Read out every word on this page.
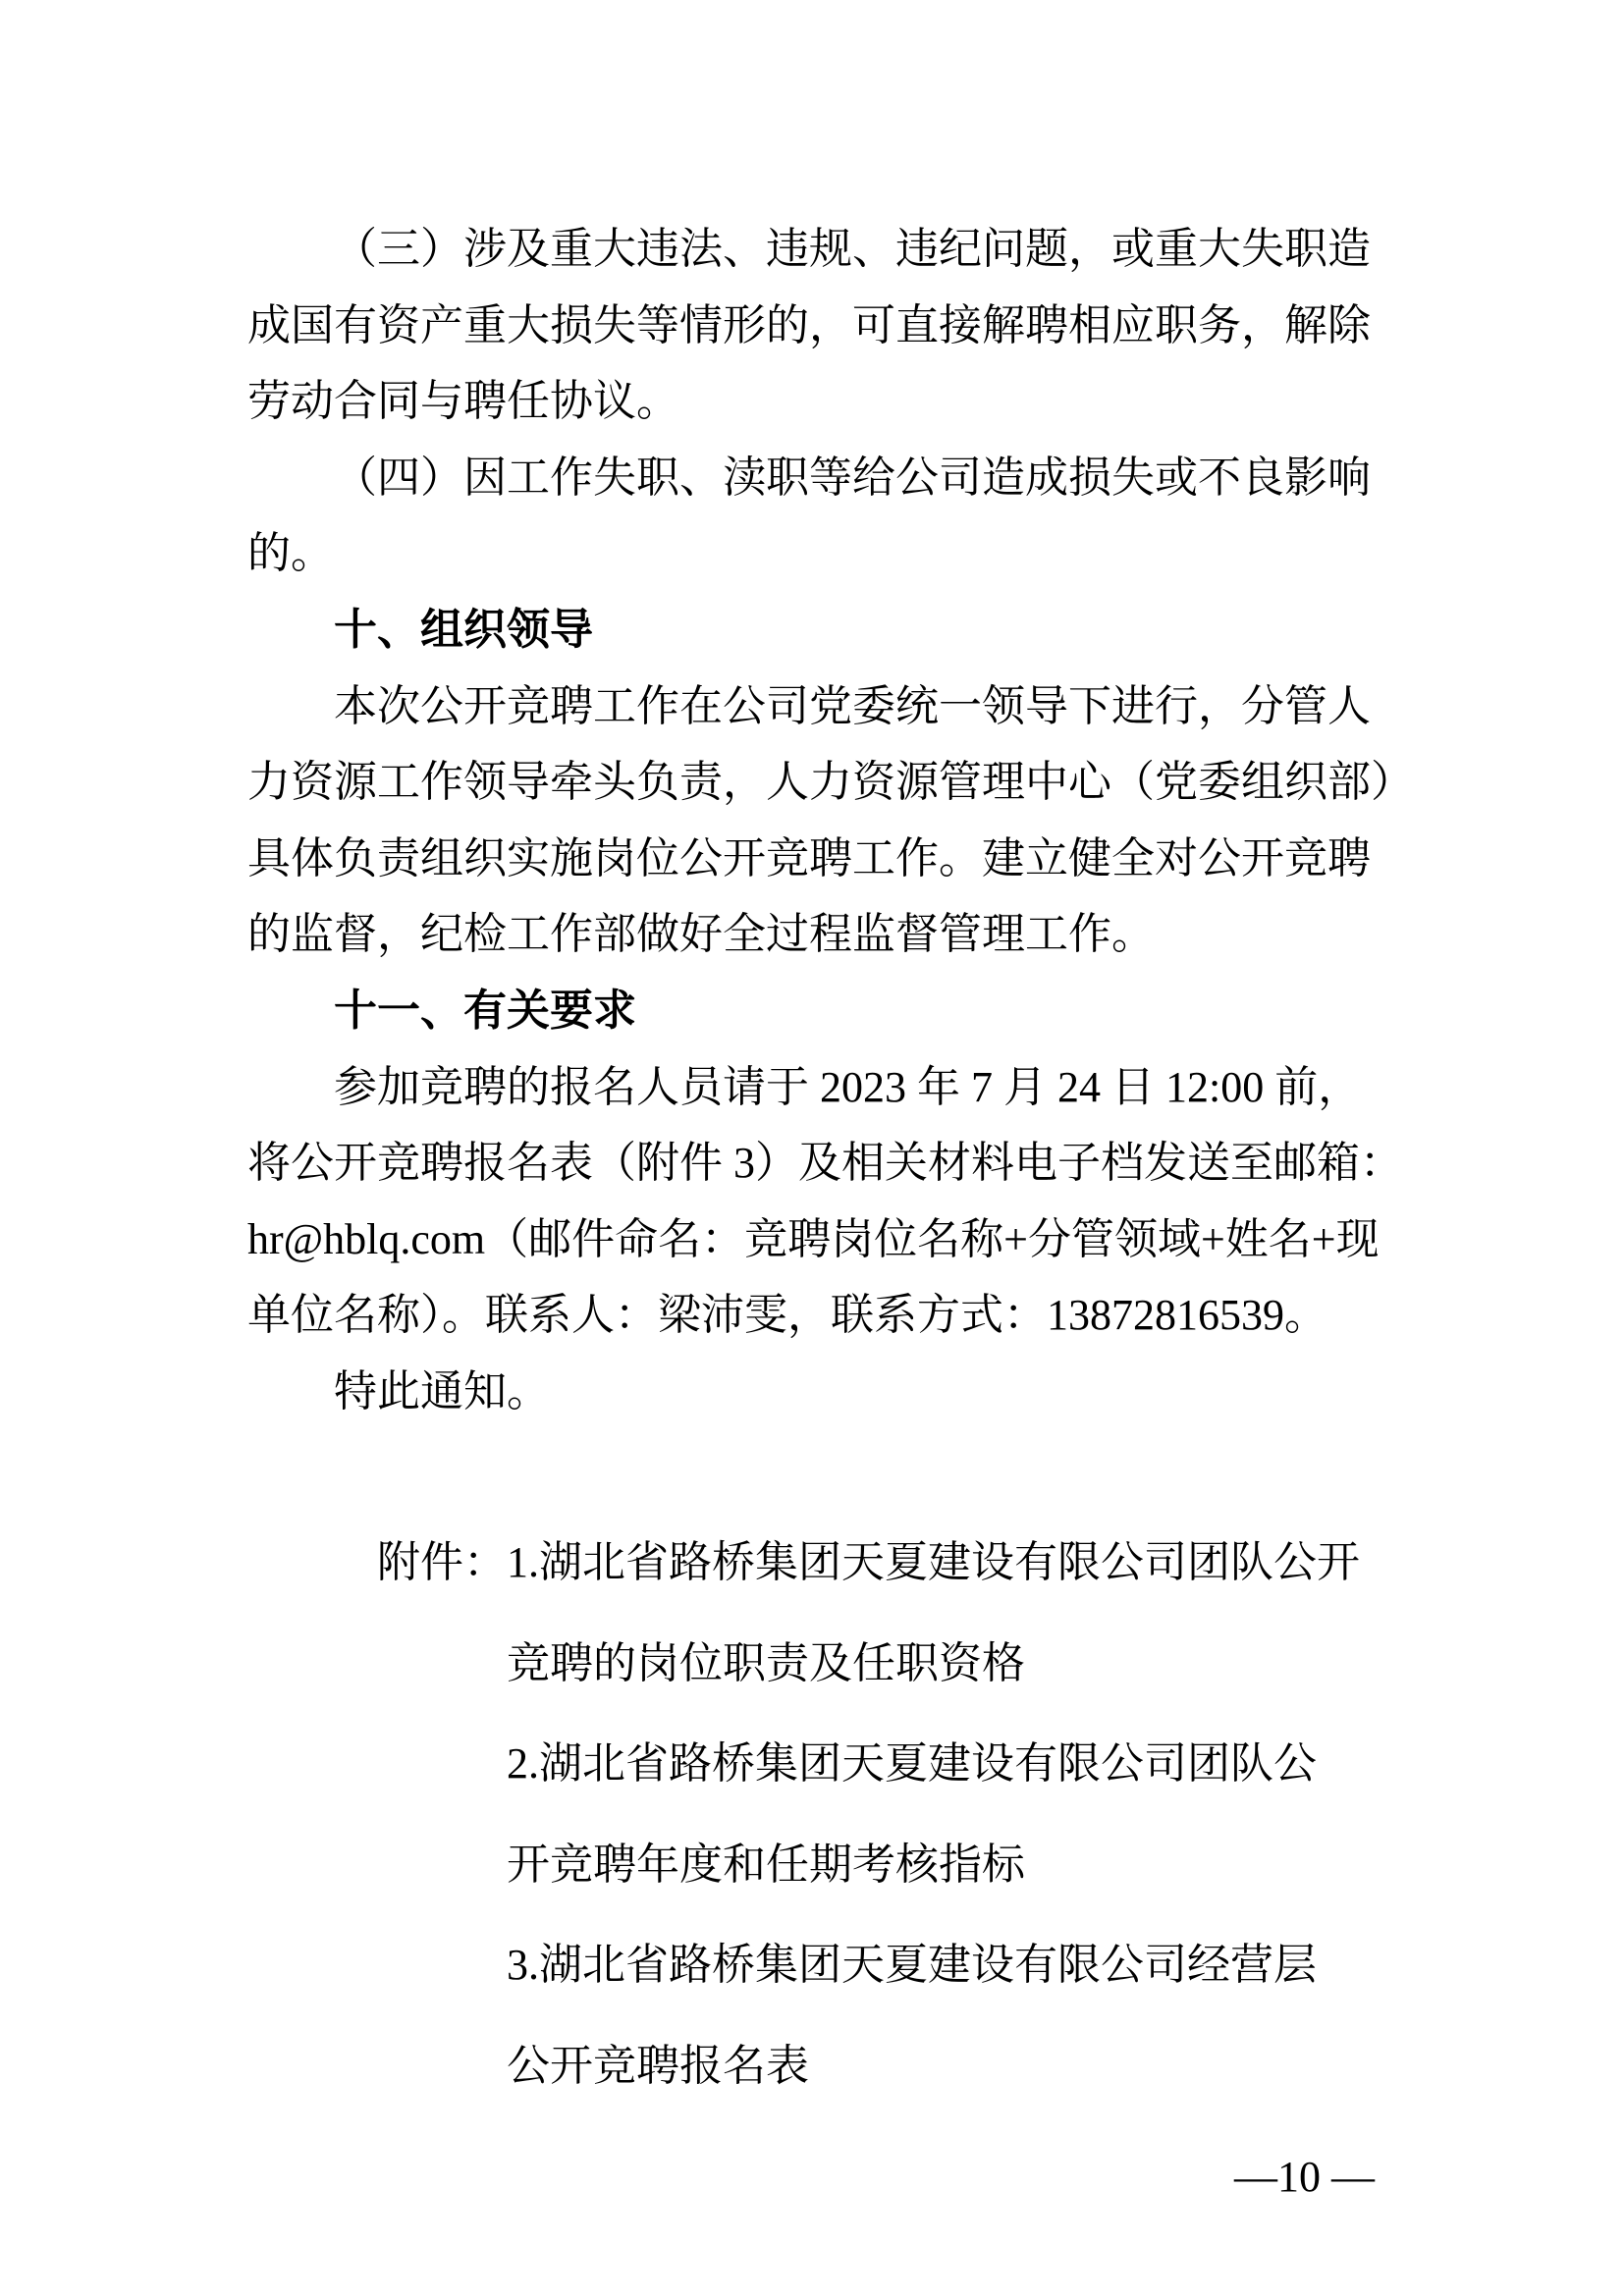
（三）涉及重大违法、违规、违纪问题，或重大失职造
成国有资产重大损失等情形的，可直接解聘相应职务，解除
劳动合同与聘任协议。
（四）因工作失职、渎职等给公司造成损失或不良影响
的。
十、组织领导
本次公开竞聘工作在公司党委统一领导下进行，分管人
力资源工作领导牵头负责，人力资源管理中心（党委组织部）
具体负责组织实施岗位公开竞聘工作。建立健全对公开竞聘
的监督，纪检工作部做好全过程监督管理工作。
十一、有关要求
参加竞聘的报名人员请于 2023 年 7 月 24 日 12:00 前，
将公开竞聘报名表（附件 3）及相关材料电子档发送至邮箱：
hr@hblq.com（邮件命名：竞聘岗位名称+分管领域+姓名+现
单位名称）。联系人：梁沛雯，联系方式：13872816539。
特此通知。
附件：1.湖北省路桥集团天夏建设有限公司团队公开
竞聘的岗位职责及任职资格
2.湖北省路桥集团天夏建设有限公司团队公
开竞聘年度和任期考核指标
3.湖北省路桥集团天夏建设有限公司经营层
公开竞聘报名表
—10 —
